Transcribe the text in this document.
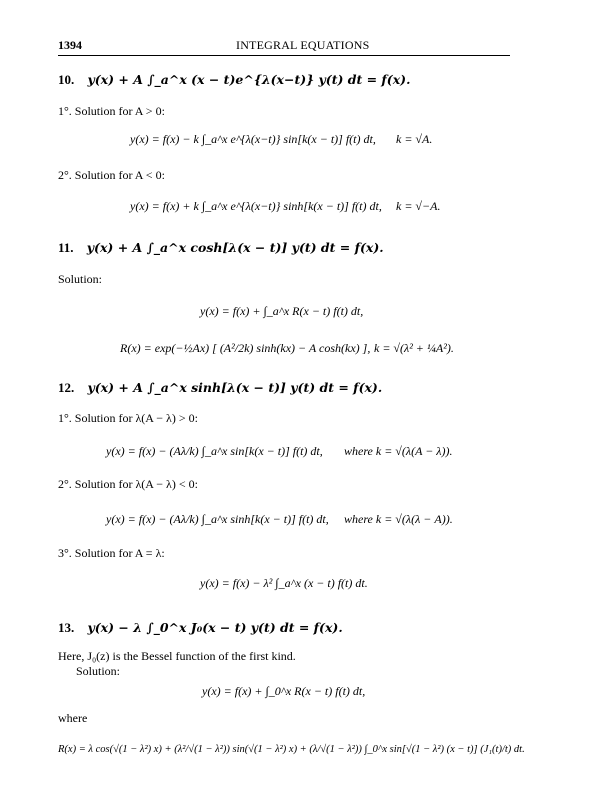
1394	INTEGRAL EQUATIONS
10. y(x) + A ∫_a^x (x − t)e^{λ(x−t)} y(t) dt = f(x).
1°. Solution for A > 0:
y(x) = f(x) − k ∫_a^x e^{λ(x−t)} sin[k(x − t)] f(t) dt, k = √A.
2°. Solution for A < 0:
y(x) = f(x) + k ∫_a^x e^{λ(x−t)} sinh[k(x − t)] f(t) dt, k = √−A.
11. y(x) + A ∫_a^x cosh[λ(x − t)] y(t) dt = f(x).
Solution:
y(x) = f(x) + ∫_a^x R(x − t) f(t) dt,
R(x) = exp(−½Ax) [ (A²/2k) sinh(kx) − A cosh(kx) ], k = √(λ² + ¼A²).
12. y(x) + A ∫_a^x sinh[λ(x − t)] y(t) dt = f(x).
1°. Solution for λ(A − λ) > 0:
y(x) = f(x) − (Aλ/k) ∫_a^x sin[k(x − t)] f(t) dt, where k = √(λ(A − λ)).
2°. Solution for λ(A − λ) < 0:
y(x) = f(x) − (Aλ/k) ∫_a^x sinh[k(x − t)] f(t) dt, where k = √(λ(λ − A)).
3°. Solution for A = λ:
y(x) = f(x) − λ² ∫_a^x (x − t) f(t) dt.
13. y(x) − λ ∫_0^x J₀(x − t) y(t) dt = f(x).
Here, J₀(z) is the Bessel function of the first kind.
Solution:
y(x) = f(x) + ∫_0^x R(x − t) f(t) dt,
where
R(x) = λ cos(√(1 − λ²) x) + (λ²/√(1 − λ²)) sin(√(1 − λ²) x) + (λ/√(1 − λ²)) ∫_0^x sin[√(1 − λ²) (x − t)] (J₁(t)/t) dt.
